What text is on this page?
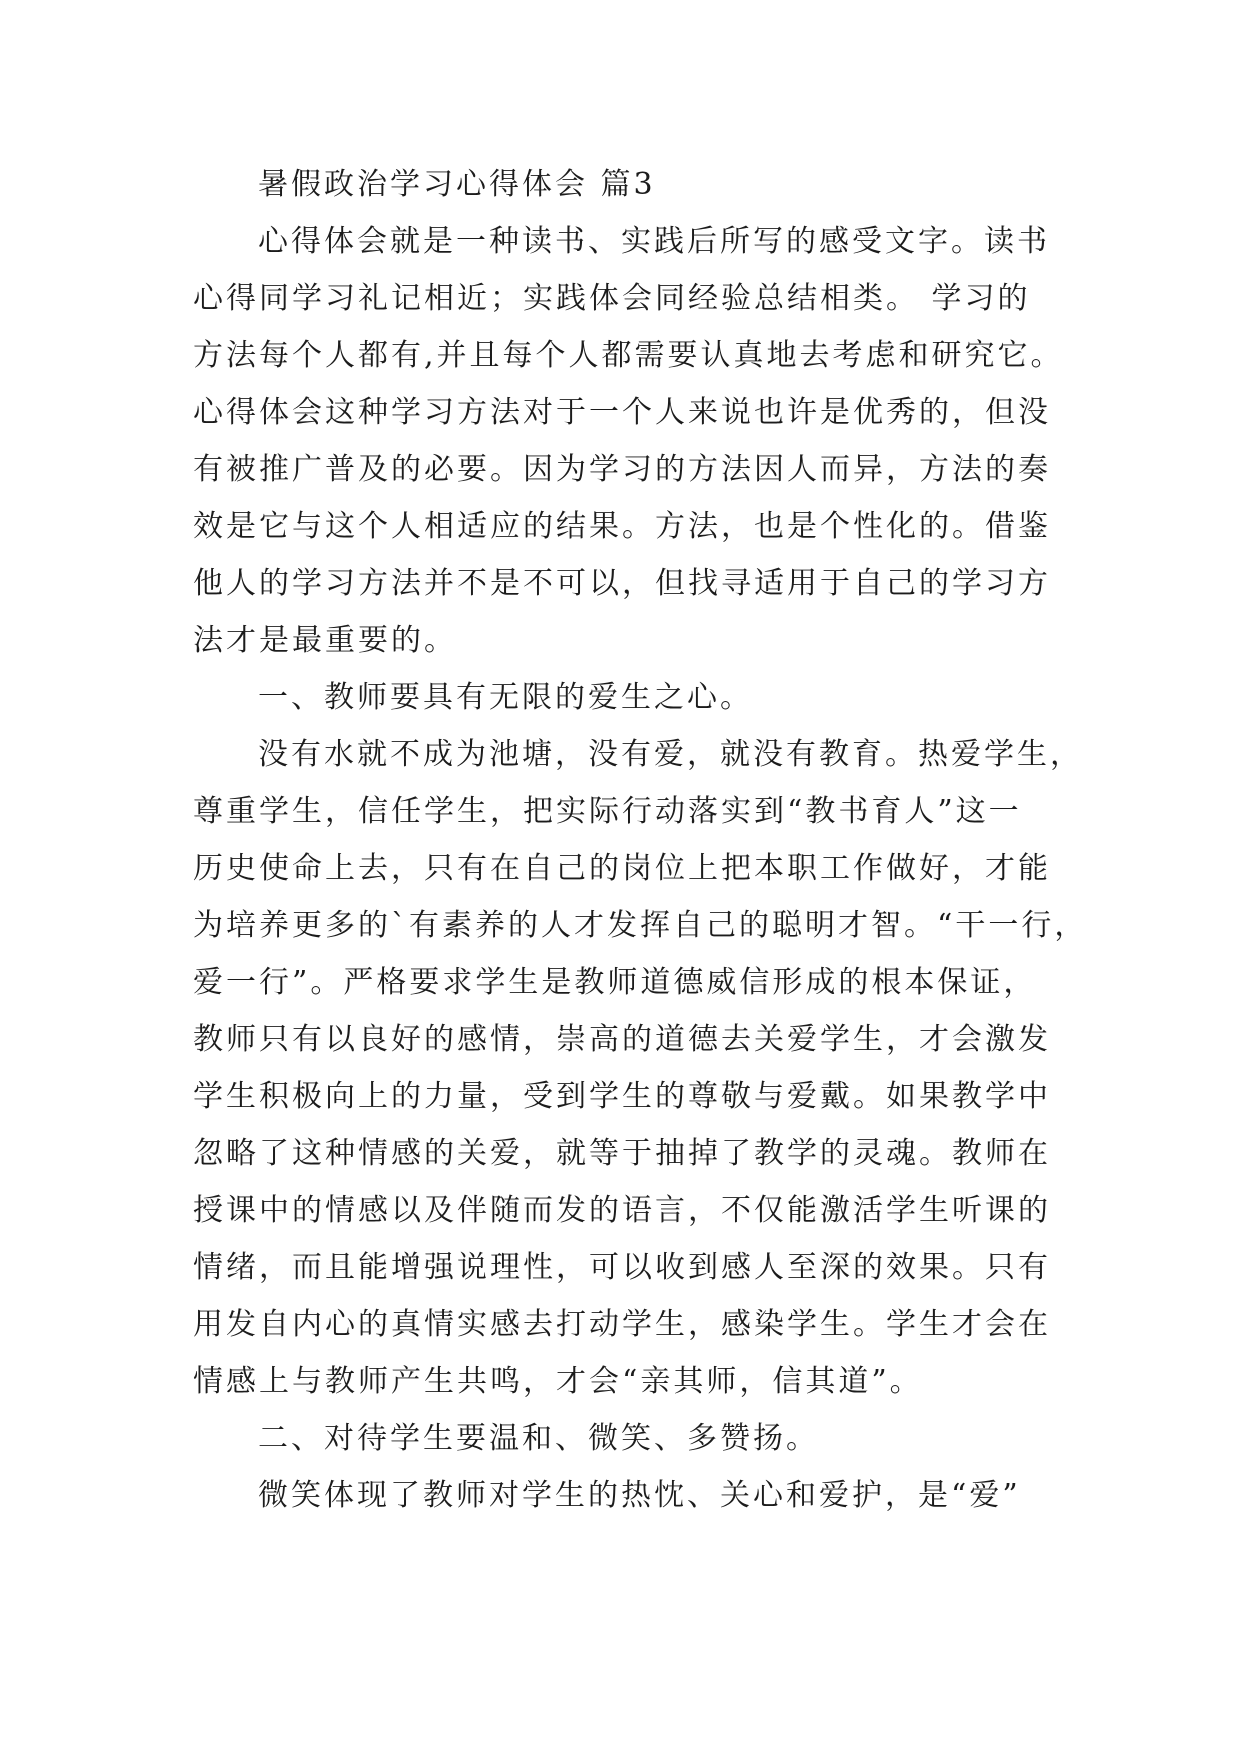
暑假政治学习心得体会 篇3
心得体会就是一种读书、实践后所写的感受文字。读书
心得同学习礼记相近；实践体会同经验总结相类。 学习的
方法每个人都有,并且每个人都需要认真地去考虑和研究它。
心得体会这种学习方法对于一个人来说也许是优秀的，但没
有被推广普及的必要。因为学习的方法因人而异，方法的奏
效是它与这个人相适应的结果。方法，也是个性化的。借鉴
他人的学习方法并不是不可以，但找寻适用于自己的学习方
法才是最重要的。
一、教师要具有无限的爱生之心。
没有水就不成为池塘，没有爱，就没有教育。热爱学生，
尊重学生，信任学生，把实际行动落实到“教书育人”这一
历史使命上去，只有在自己的岗位上把本职工作做好，才能
为培养更多的`有素养的人才发挥自己的聪明才智。“干一行，
爱一行”。严格要求学生是教师道德威信形成的根本保证，
教师只有以良好的感情，崇高的道德去关爱学生，才会激发
学生积极向上的力量，受到学生的尊敬与爱戴。如果教学中
忽略了这种情感的关爱，就等于抽掉了教学的灵魂。教师在
授课中的情感以及伴随而发的语言，不仅能激活学生听课的
情绪，而且能增强说理性，可以收到感人至深的效果。只有
用发自内心的真情实感去打动学生，感染学生。学生才会在
情感上与教师产生共鸣，才会“亲其师，信其道”。
二、对待学生要温和、微笑、多赞扬。
微笑体现了教师对学生的热忱、关心和爱护，是“爱”
